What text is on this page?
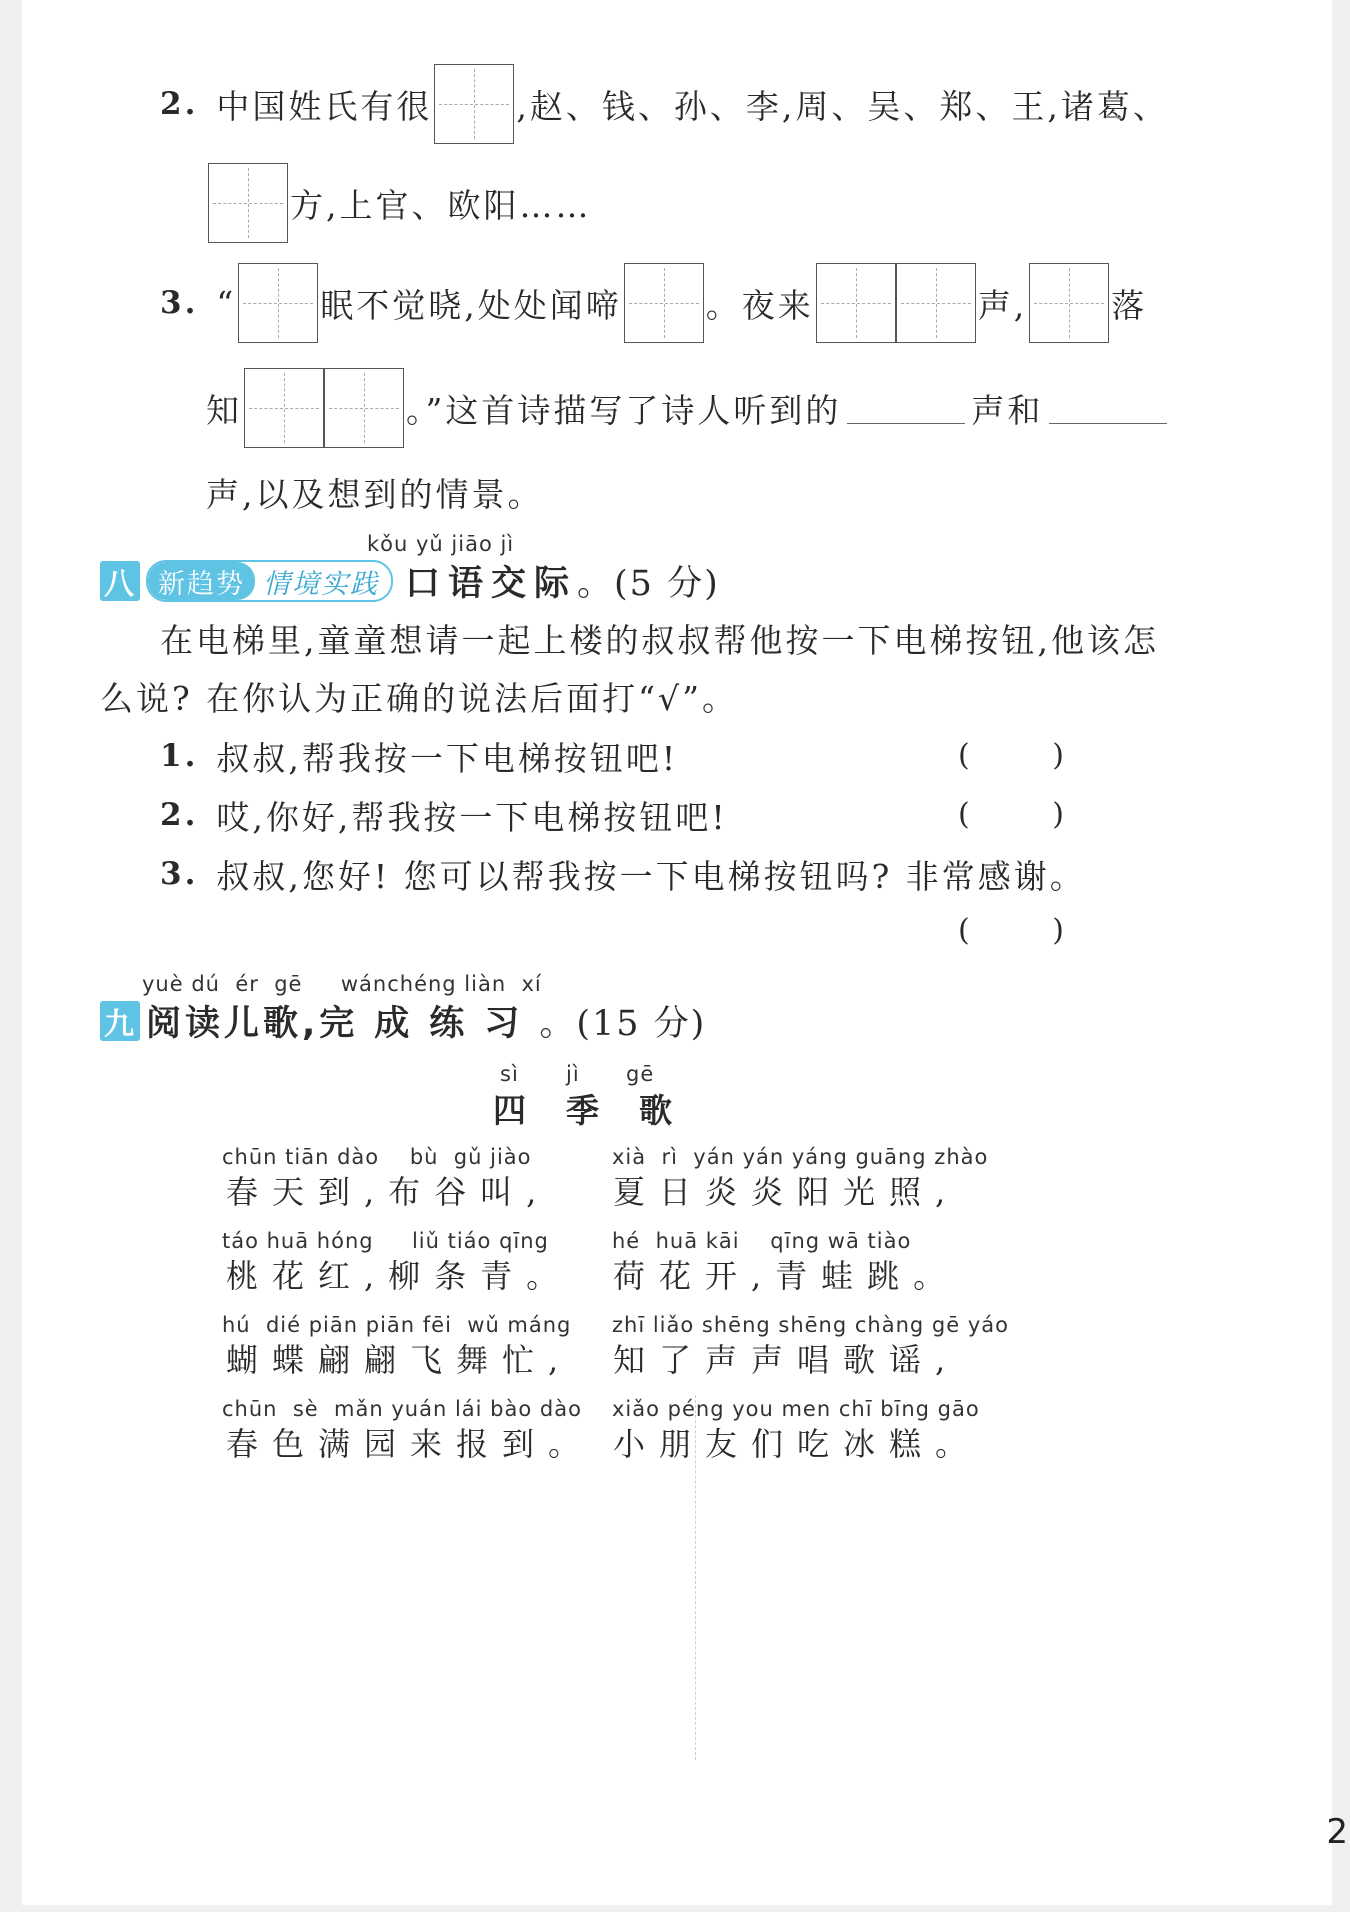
2. 中国姓氏有很	,赵、钱、孙、李,周、吴、郑、王,诸葛、
方,上官、欧阳……
3. “	眠不觉晓,处处闻啼	。夜来	声,	落
知	。”这首诗描写了诗人听到的	声和
声,以及想到的情景。
kǒu yǔ jiāo jì
八 新趋势 情境实践 口语交际 。(5 分)
在电梯里,童童想请一起上楼的叔叔帮他按一下电梯按钮,他该怎
么说? 在你认为正确的说法后面打“√”。
1. 叔叔,帮我按一下电梯按钮吧!	(	)
2. 哎,你好,帮我按一下电梯按钮吧!	(	)
3. 叔叔,您好! 您可以帮我按一下电梯按钮吗? 非常感谢。
(	)
yuè dú  ér  gē     wánchéng liàn  xí
九 阅读儿歌, 完成练习 。(15 分)
sì jì gē
四季歌
chūn tiān dào    bù  gǔ jiào
春天到,布谷叫,
táo huā hóng     liǔ tiáo qīng
桃花红,柳条青。
hú  dié piān piān fēi  wǔ máng
蝴蝶翩翩飞舞忙,
chūn  sè  mǎn yuán lái bào dào
春色满园来报到。
xià  rì  yán yán yáng guāng zhào
夏日炎炎阳光照,
hé  huā kāi    qīng wā tiào
荷花开,青蛙跳。
zhī liǎo shēng shēng chàng gē yáo
知了声声唱歌谣,
xiǎo péng you men chī bīng gāo
小朋友们吃冰糕。
2
